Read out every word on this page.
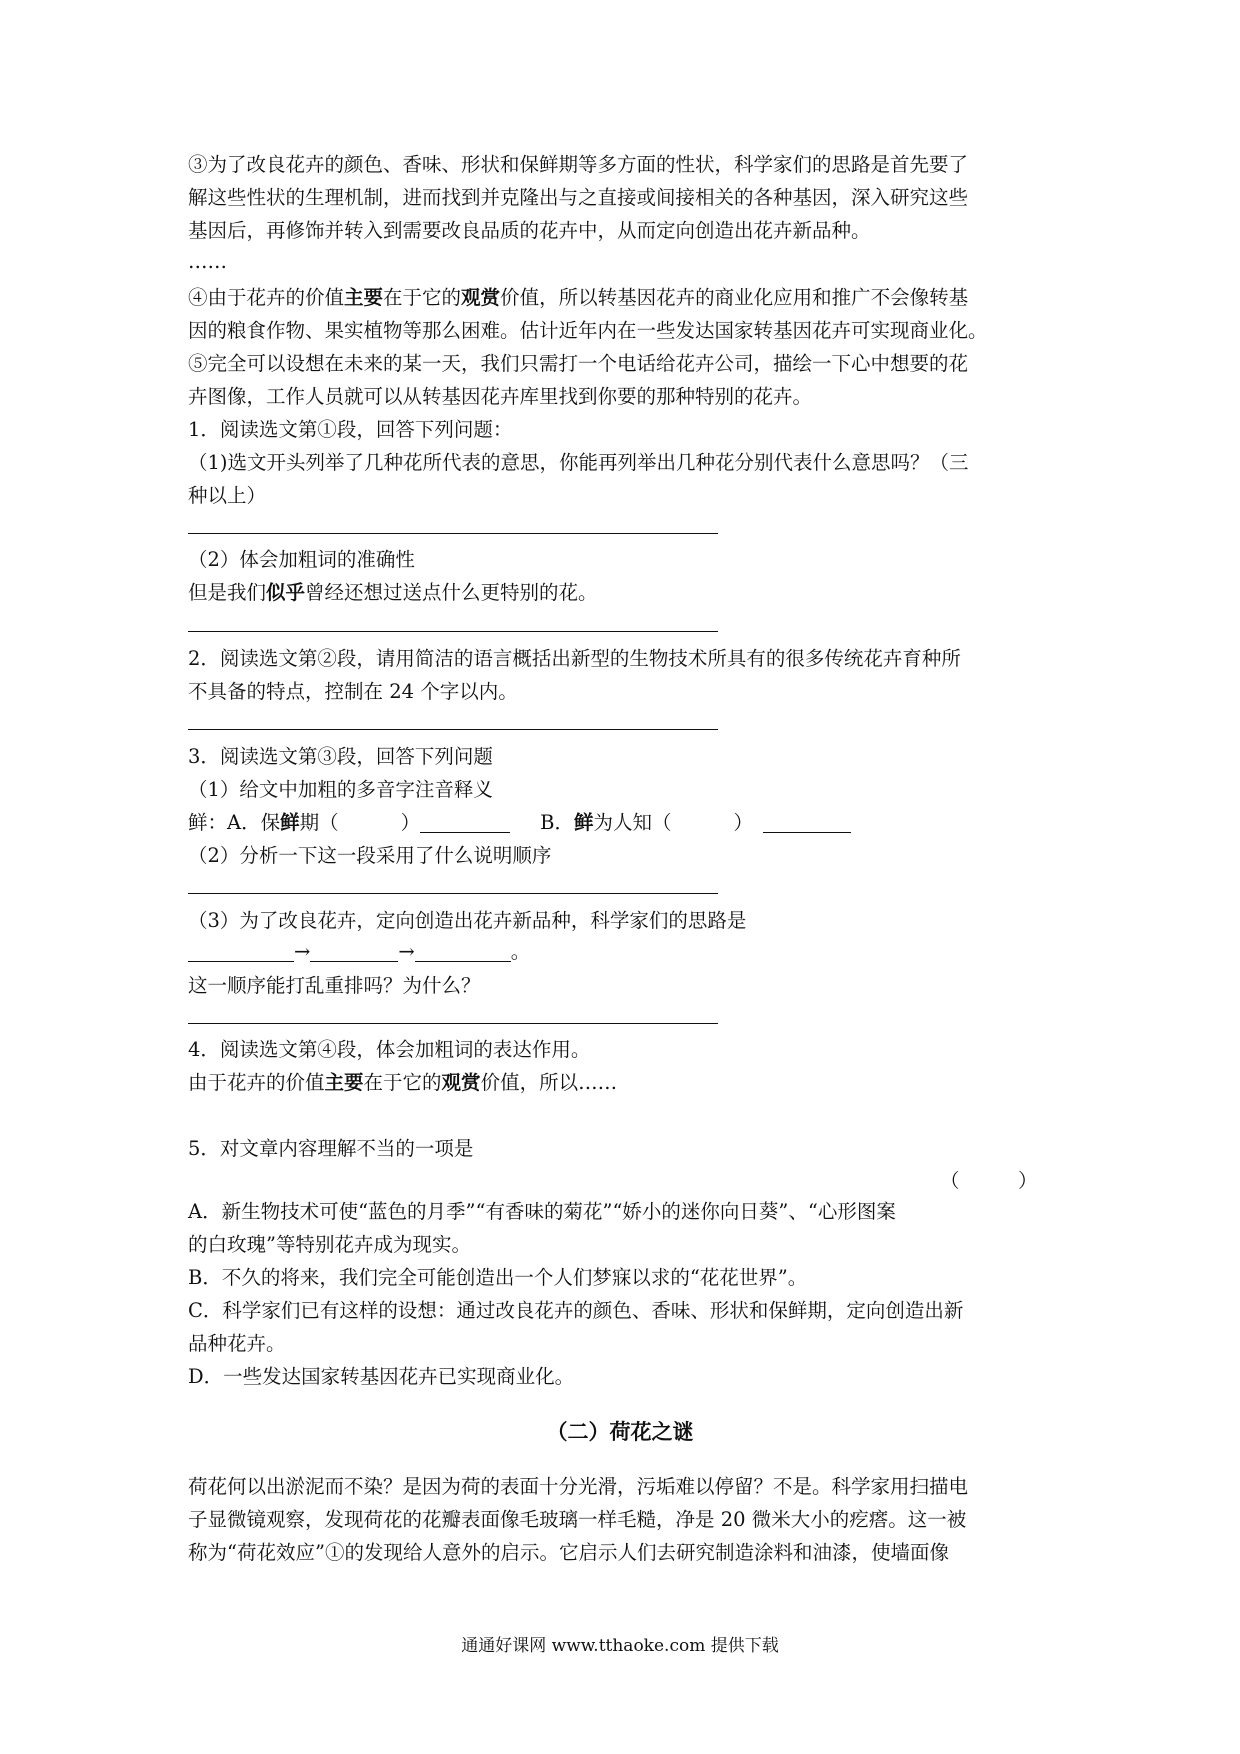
③为了改良花卉的颜色、香味、形状和保鲜期等多方面的性状，科学家们的思路是首先要了
解这些性状的生理机制，进而找到并克隆出与之直接或间接相关的各种基因，深入研究这些
基因后，再修饰并转入到需要改良品质的花卉中，从而定向创造出花卉新品种。
……
④由于花卉的价值主要在于它的观赏价值，所以转基因花卉的商业化应用和推广不会像转基
因的粮食作物、果实植物等那么困难。估计近年内在一些发达国家转基因花卉可实现商业化。
⑤完全可以设想在未来的某一天，我们只需打一个电话给花卉公司，描绘一下心中想要的花
卉图像，工作人员就可以从转基因花卉库里找到你要的那种特别的花卉。
1．阅读选文第①段，回答下列问题：
（1)选文开头列举了几种花所代表的意思，你能再列举出几种花分别代表什么意思吗？（三
种以上）
（2）体会加粗词的准确性
但是我们似乎曾经还想过送点什么更特别的花。
2．阅读选文第②段，请用简洁的语言概括出新型的生物技术所具有的很多传统花卉育种所
不具备的特点，控制在 24 个字以内。
3．阅读选文第③段，回答下列问题
（1）给文中加粗的多音字注音释义
鲜：A．保鲜期（	）	B．鲜为人知（	）
（2）分析一下这一段采用了什么说明顺序
（3）为了改良花卉，定向创造出花卉新品种，科学家们的思路是
→	→	。
这一顺序能打乱重排吗？为什么？
4．阅读选文第④段，体会加粗词的表达作用。
由于花卉的价值主要在于它的观赏价值，所以……
5．对文章内容理解不当的一项是
（　　　）
A．新生物技术可使“蓝色的月季”“有香味的菊花”“娇小的迷你向日葵”、“心形图案
的白玫瑰”等特别花卉成为现实。
B．不久的将来，我们完全可能创造出一个人们梦寐以求的“花花世界”。
C．科学家们已有这样的设想：通过改良花卉的颜色、香味、形状和保鲜期，定向创造出新
品种花卉。
D．一些发达国家转基因花卉已实现商业化。
（二）荷花之谜
荷花何以出淤泥而不染？是因为荷的表面十分光滑，污垢难以停留？不是。科学家用扫描电
子显微镜观察，发现荷花的花瓣表面像毛玻璃一样毛糙，净是 20 微米大小的疙瘩。这一被
称为“荷花效应”①的发现给人意外的启示。它启示人们去研究制造涂料和油漆，使墙面像
通通好课网 www.tthaoke.com 提供下载
